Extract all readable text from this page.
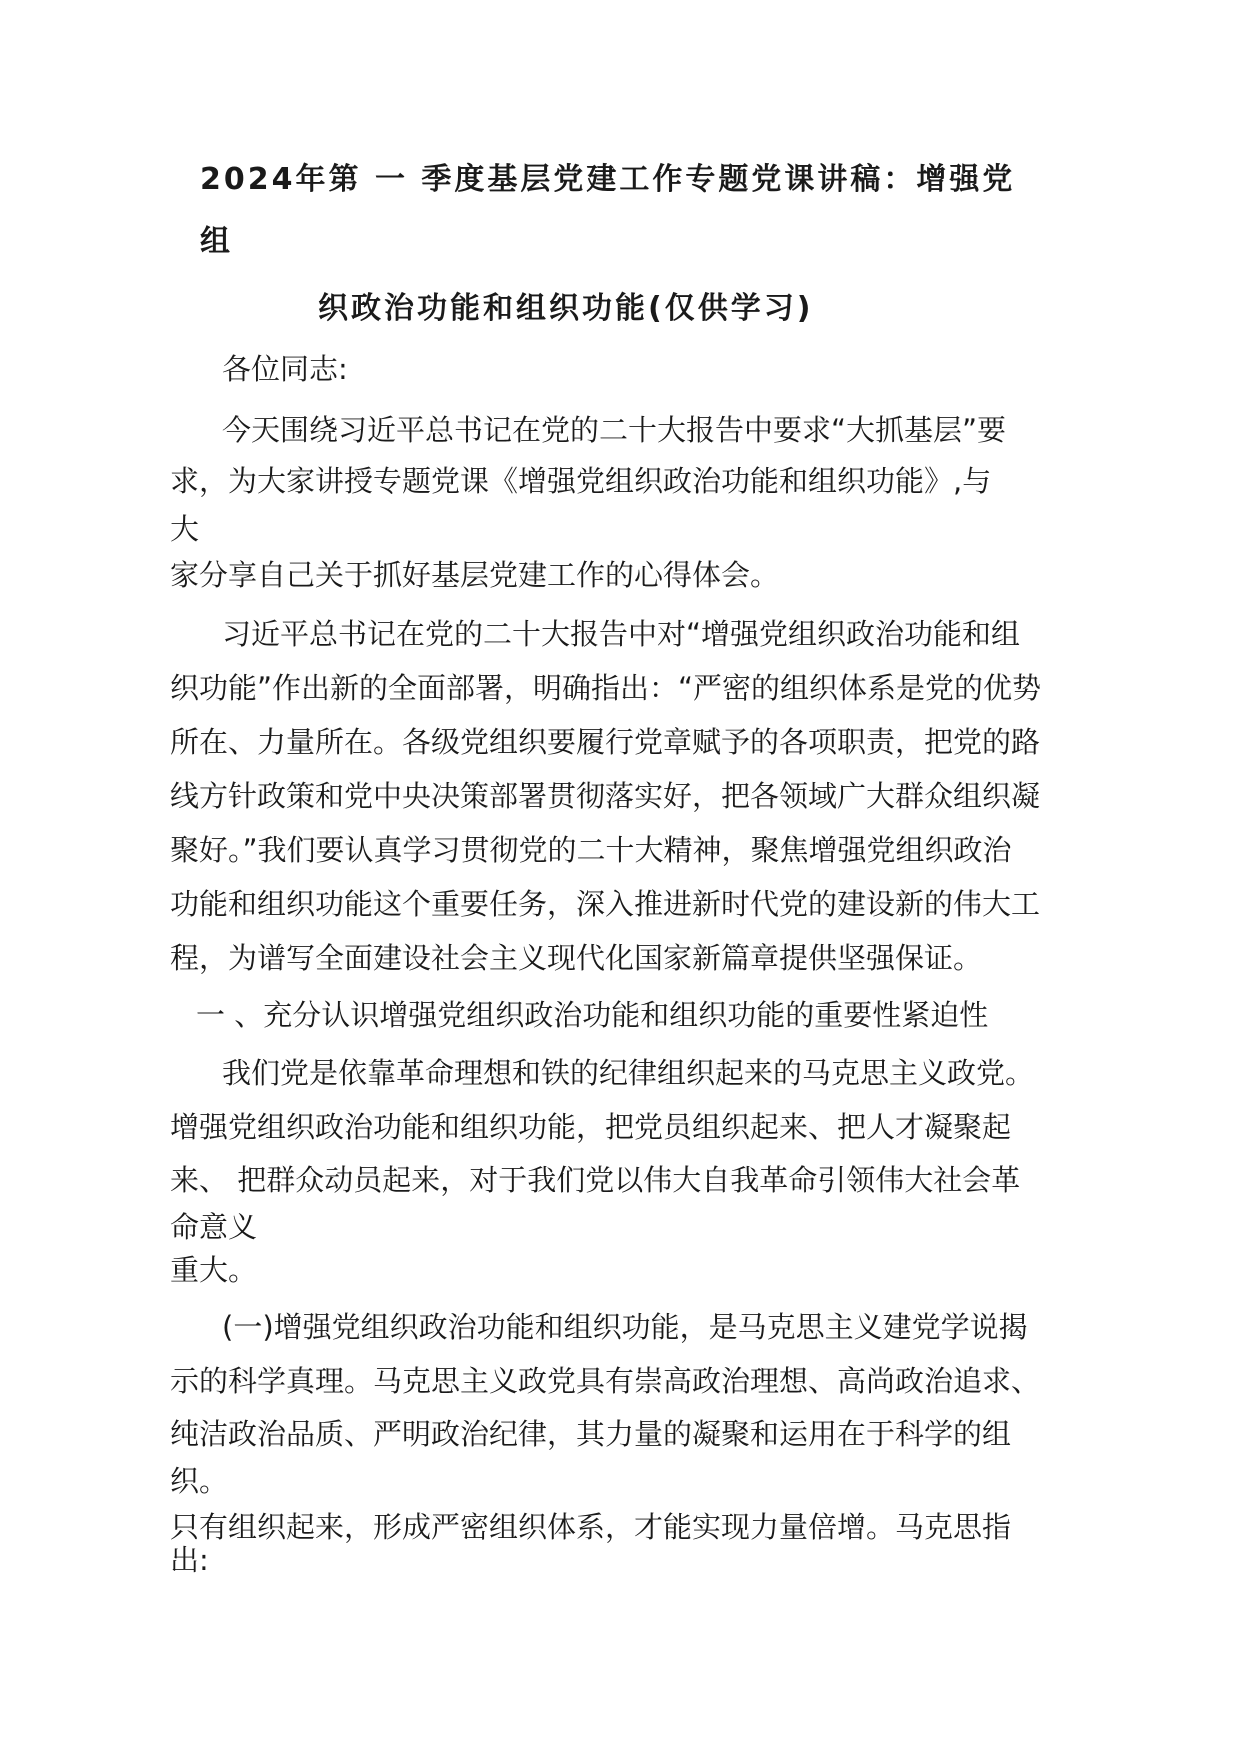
2024年第 一 季度基层党建工作专题党课讲稿：增强党

组

织政治功能和组织功能(仅供学习)

各位同志:

今天围绕习近平总书记在党的二十大报告中要求“大抓基层”要

求，为大家讲授专题党课《增强党组织政治功能和组织功能》,与

大

家分享自己关于抓好基层党建工作的心得体会。

习近平总书记在党的二十大报告中对“增强党组织政治功能和组

织功能”作出新的全面部署，明确指出：“严密的组织体系是党的优势

所在、力量所在。各级党组织要履行党章赋予的各项职责，把党的路

线方针政策和党中央决策部署贯彻落实好，把各领域广大群众组织凝

聚好。”我们要认真学习贯彻党的二十大精神，聚焦增强党组织政治

功能和组织功能这个重要任务，深入推进新时代党的建设新的伟大工

程，为谱写全面建设社会主义现代化国家新篇章提供坚强保证。

一 、充分认识增强党组织政治功能和组织功能的重要性紧迫性

我们党是依靠革命理想和铁的纪律组织起来的马克思主义政党。

增强党组织政治功能和组织功能，把党员组织起来、把人才凝聚起

来、 把群众动员起来，对于我们党以伟大自我革命引领伟大社会革

命意义

重大。

(一)增强党组织政治功能和组织功能，是马克思主义建党学说揭

示的科学真理。马克思主义政党具有崇高政治理想、高尚政治追求、

纯洁政治品质、严明政治纪律，其力量的凝聚和运用在于科学的组

织。

只有组织起来，形成严密组织体系，才能实现力量倍增。马克思指

出:
